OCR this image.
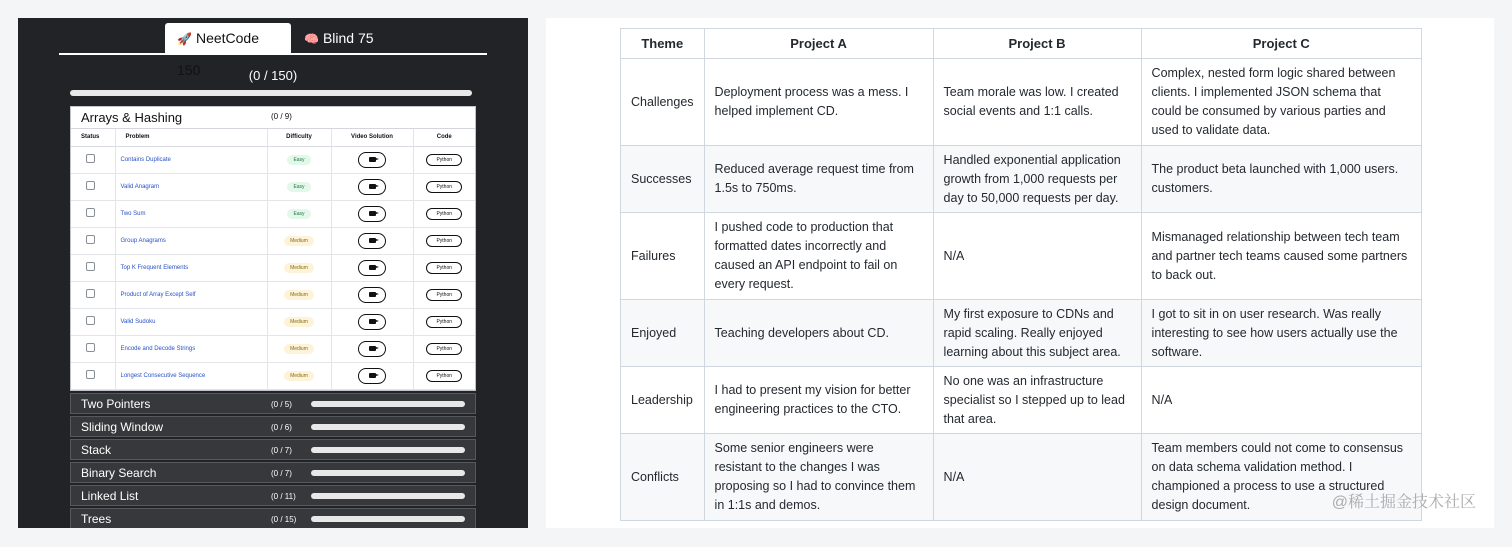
🚀 NeetCode 150
🧠 Blind 75
(0 / 150)
Arrays & Hashing	(0 / 9)
Status	Problem	Difficulty	Video Solution	Code
	Contains Duplicate	Easy		Python

	Valid Anagram	Easy		Python

	Two Sum	Easy		Python

	Group Anagrams	Medium		Python

	Top K Frequent Elements	Medium		Python

	Product of Array Except Self	Medium		Python

	Valid Sudoku	Medium		Python

	Encode and Decode Strings	Medium		Python

	Longest Consecutive Sequence	Medium		Python
Two Pointers	(0 / 5)
Sliding Window	(0 / 6)
Stack	(0 / 7)
Binary Search	(0 / 7)
Linked List	(0 / 11)
Trees	(0 / 15)
Theme	Project A	Project B	Project C
Challenges	Deployment process was a mess. I helped implement CD.	Team morale was low. I created social events and 1:1 calls.	Complex, nested form logic shared between clients. I implemented JSON schema that could be consumed by various parties and used to validate data.
Successes	Reduced average request time from 1.5s to 750ms.	Handled exponential application growth from 1,000 requests per day to 50,000 requests per day.	The product beta launched with 1,000 users. customers.
Failures	I pushed code to production that formatted dates incorrectly and caused an API endpoint to fail on every request.	N/A	Mismanaged relationship between tech team and partner tech teams caused some partners to back out.
Enjoyed	Teaching developers about CD.	My first exposure to CDNs and rapid scaling. Really enjoyed learning about this subject area.	I got to sit in on user research. Was really interesting to see how users actually use the software.
Leadership	I had to present my vision for better engineering practices to the CTO.	No one was an infrastructure specialist so I stepped up to lead that area.	N/A
Conflicts	Some senior engineers were resistant to the changes I was proposing so I had to convince them in 1:1s and demos.	N/A	Team members could not come to consensus on data schema validation method. I championed a process to use a structured design document.	@稀土掘金技术社区
